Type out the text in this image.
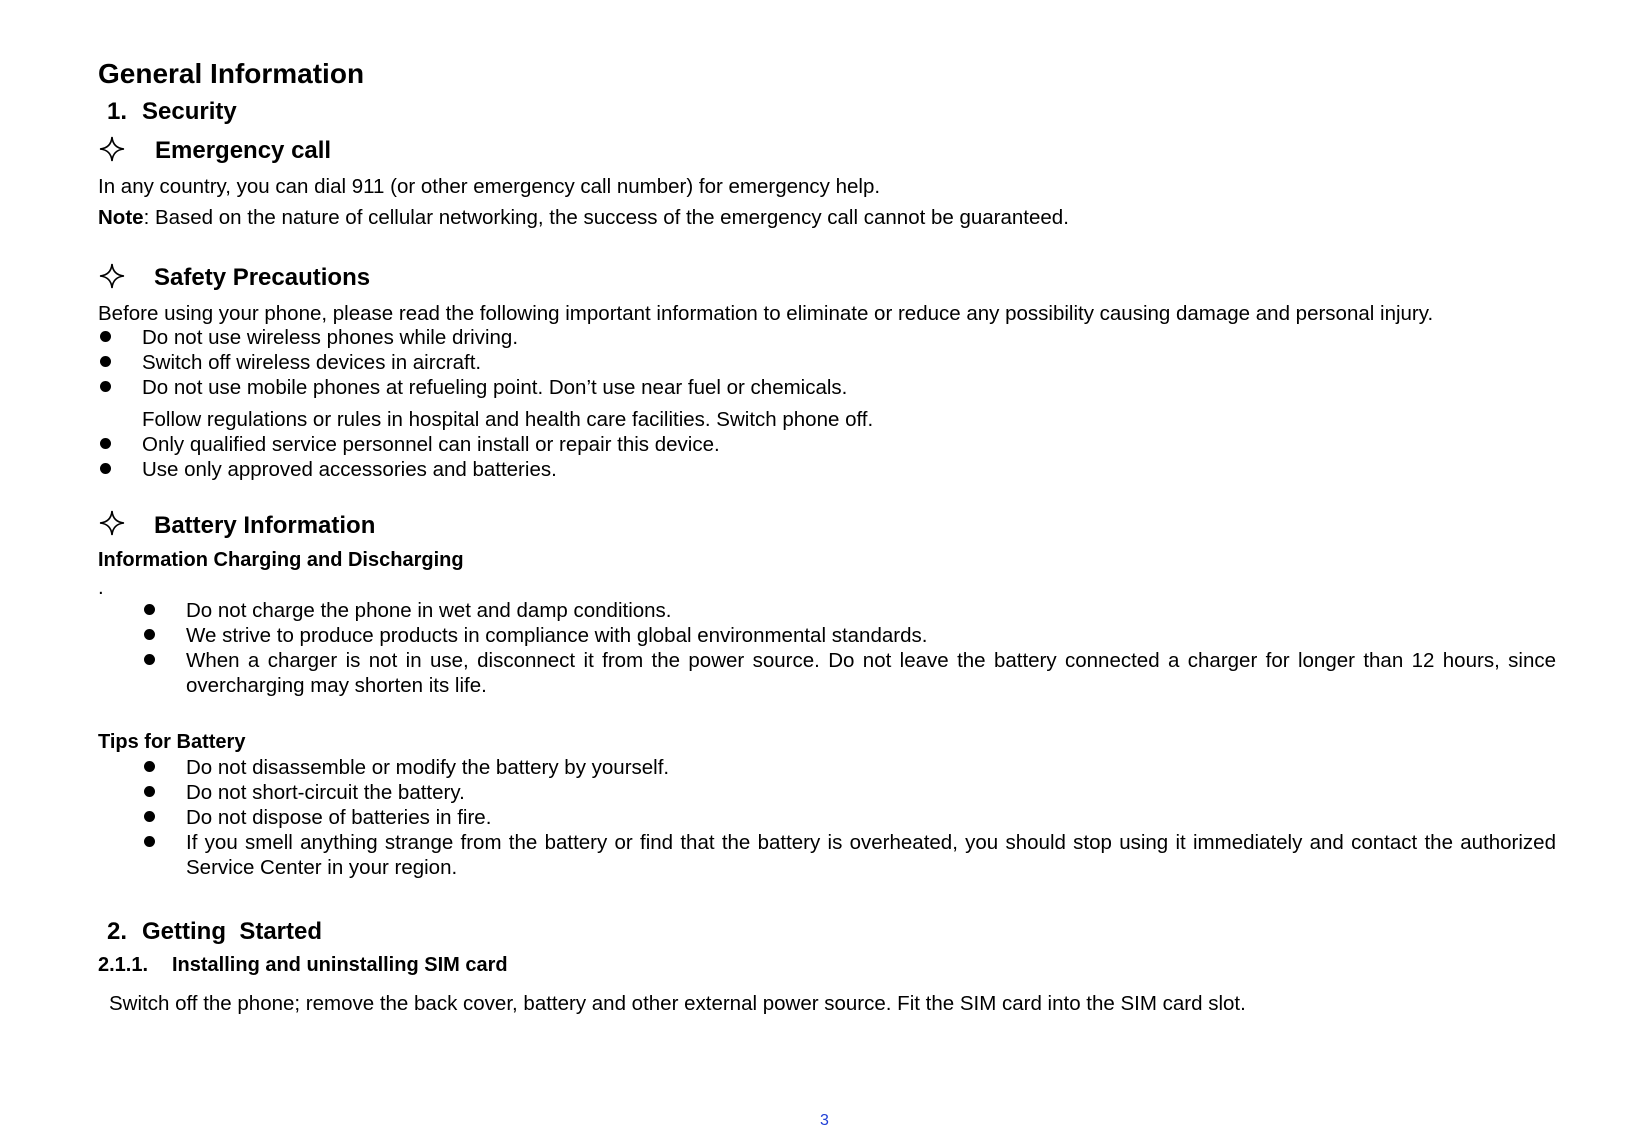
General Information
1. Security
Emergency call
In any country, you can dial 911 (or other emergency call number) for emergency help.
Note: Based on the nature of cellular networking, the success of the emergency call cannot be guaranteed.
Safety Precautions
Before using your phone, please read the following important information to eliminate or reduce any possibility causing damage and personal injury.
Do not use wireless phones while driving.
Switch off wireless devices in aircraft.
Do not use mobile phones at refueling point. Don’t use near fuel or chemicals.
Follow regulations or rules in hospital and health care facilities. Switch phone off.
Only qualified service personnel can install or repair this device.
Use only approved accessories and batteries.
Battery Information
Information Charging and Discharging
.
Do not charge the phone in wet and damp conditions.
We strive to produce products in compliance with global environmental standards.
When a charger is not in use, disconnect it from the power source. Do not leave the battery connected a charger for longer than 12 hours, since overcharging may shorten its life.
Tips for Battery
Do not disassemble or modify the battery by yourself.
Do not short-circuit the battery.
Do not dispose of batteries in fire.
If you smell anything strange from the battery or find that the battery is overheated, you should stop using it immediately and contact the authorized Service Center in your region.
2. Getting  Started
2.1.1. Installing and uninstalling SIM card
Switch off the phone; remove the back cover, battery and other external power source. Fit the SIM card into the SIM card slot.
3
